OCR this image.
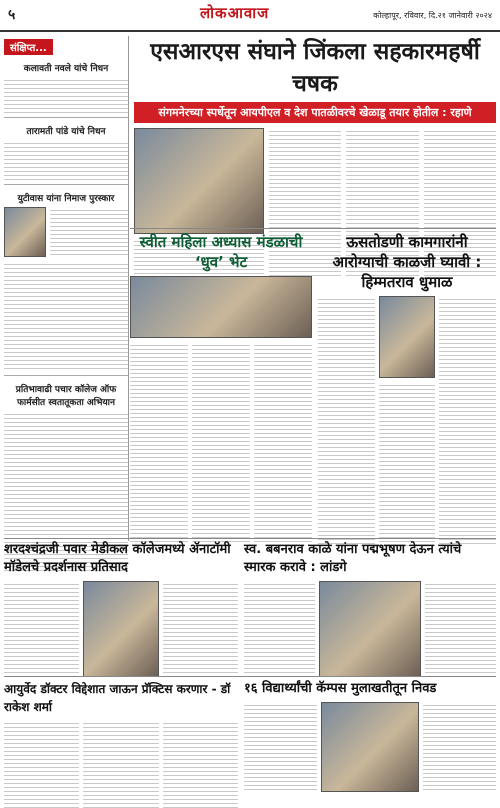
५	लोकआवाज	कोल्हापूर, रविवार, दि.२१ जानेवारी २०२४
संक्षिप्त...
कलावती नवले यांचे निधन
तारामती पांडे यांचे निधन
युटीवास यांना निमाज पुरस्कार
प्रतिभावाढी पचार कॉलेज ऑफ फार्मसीत स्वतातूकता अभियान
एसआरएस संघाने जिंकला सहकारमहर्षी चषक
संगमनेरच्या स्पर्धेतून आयपीएल व देश पातळीवरचे खेळाडू तयार होतील : रहाणे
स्वीत महिला अध्यास मंडळाची ‘धुव’ भेट
ऊसतोडणी कामगारांनी आरोग्याची काळजी घ्यावी : हिम्मतराव धुमाळ
शरदश्चंद्रजी पवार मेडीकल कॉलेजमध्ये ॲनाटॉमी मॉडेलचे प्रदर्शनास प्रतिसाद
स्व. बबनराव काळे यांना पद्मभूषण देऊन त्यांचे स्मारक करावे : लांडगे
आयुर्वेद डॉक्टर विद्देशात जाऊन प्रॅक्टिस करणार - डॉ राकेश शर्मा
१६ विद्यार्थ्यांची कॅम्पस मुलाखतीतून निवड
